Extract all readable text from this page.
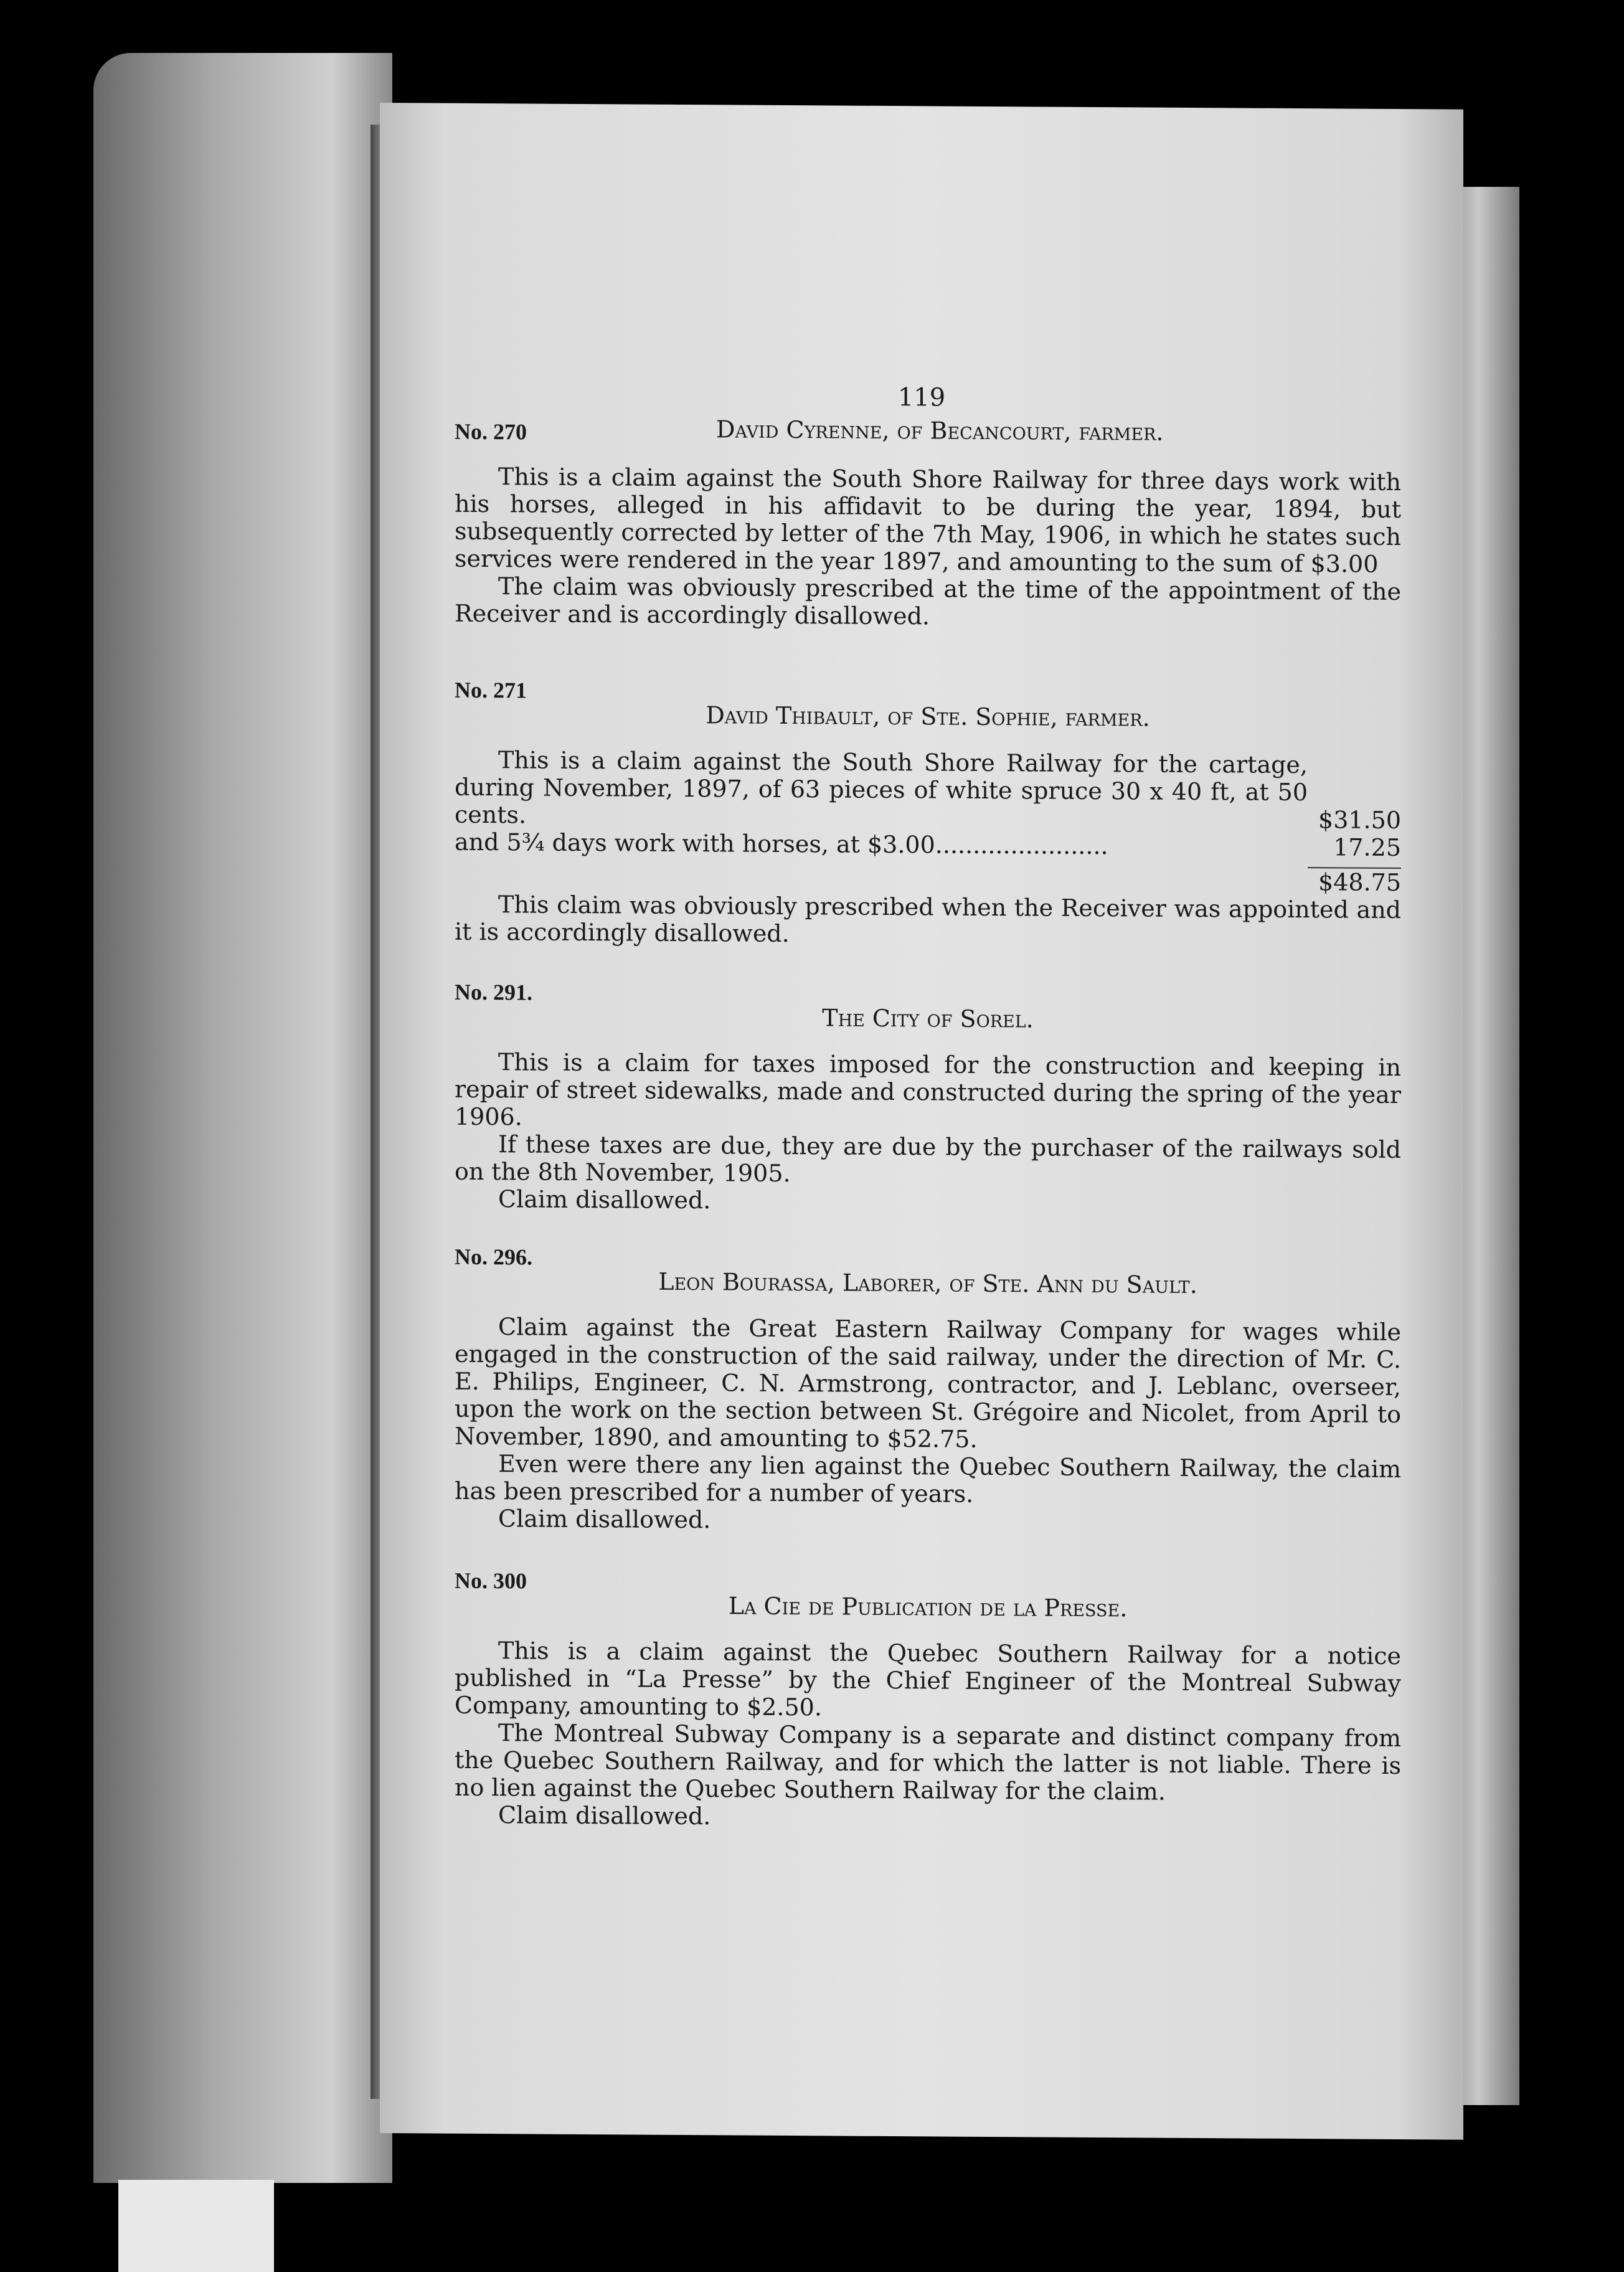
119
No. 270	David Cyrenne, of Becancourt, farmer.

This is a claim against the South Shore Railway for three days work with his horses, alleged in his affidavit to be during the year, 1894, but subsequently corrected by letter of the 7th May, 1906, in which he states such services were rendered in the year 1897, and amounting to the sum of $3.00

The claim was obviously prescribed at the time of the appointment of the Receiver and is accordingly disallowed.

No. 271
David Thibault, of Ste. Sophie, farmer.

This is a claim against the South Shore Railway for the cartage, during November, 1897, of 63 pieces of white spruce 30 x 40 ft, at 50 cents.	$31.50

and 5¾ days work with horses, at $3.00.......................	17.25
$48.75

This claim was obviously prescribed when the Receiver was appointed and it is accordingly disallowed.

No. 291.
The City of Sorel.

This is a claim for taxes imposed for the construction and keeping in repair of street sidewalks, made and constructed during the spring of the year 1906.

If these taxes are due, they are due by the purchaser of the railways sold on the 8th November, 1905.

Claim disallowed.

No. 296.
Leon Bourassa, Laborer, of Ste. Ann du Sault.

Claim against the Great Eastern Railway Company for wages while engaged in the construction of the said railway, under the direction of Mr. C. E. Philips, Engineer, C. N. Armstrong, contractor, and J. Leblanc, overseer, upon the work on the section between St. Grégoire and Nicolet, from April to November, 1890, and amounting to $52.75.

Even were there any lien against the Quebec Southern Railway, the claim has been prescribed for a number of years.

Claim disallowed.

No. 300
La Cie de Publication de la Presse.

This is a claim against the Quebec Southern Railway for a notice published in “La Presse” by the Chief Engineer of the Montreal Subway Company, amounting to $2.50.

The Montreal Subway Company is a separate and distinct company from the Quebec Southern Railway, and for which the latter is not liable. There is no lien against the Quebec Southern Railway for the claim.

Claim disallowed.
